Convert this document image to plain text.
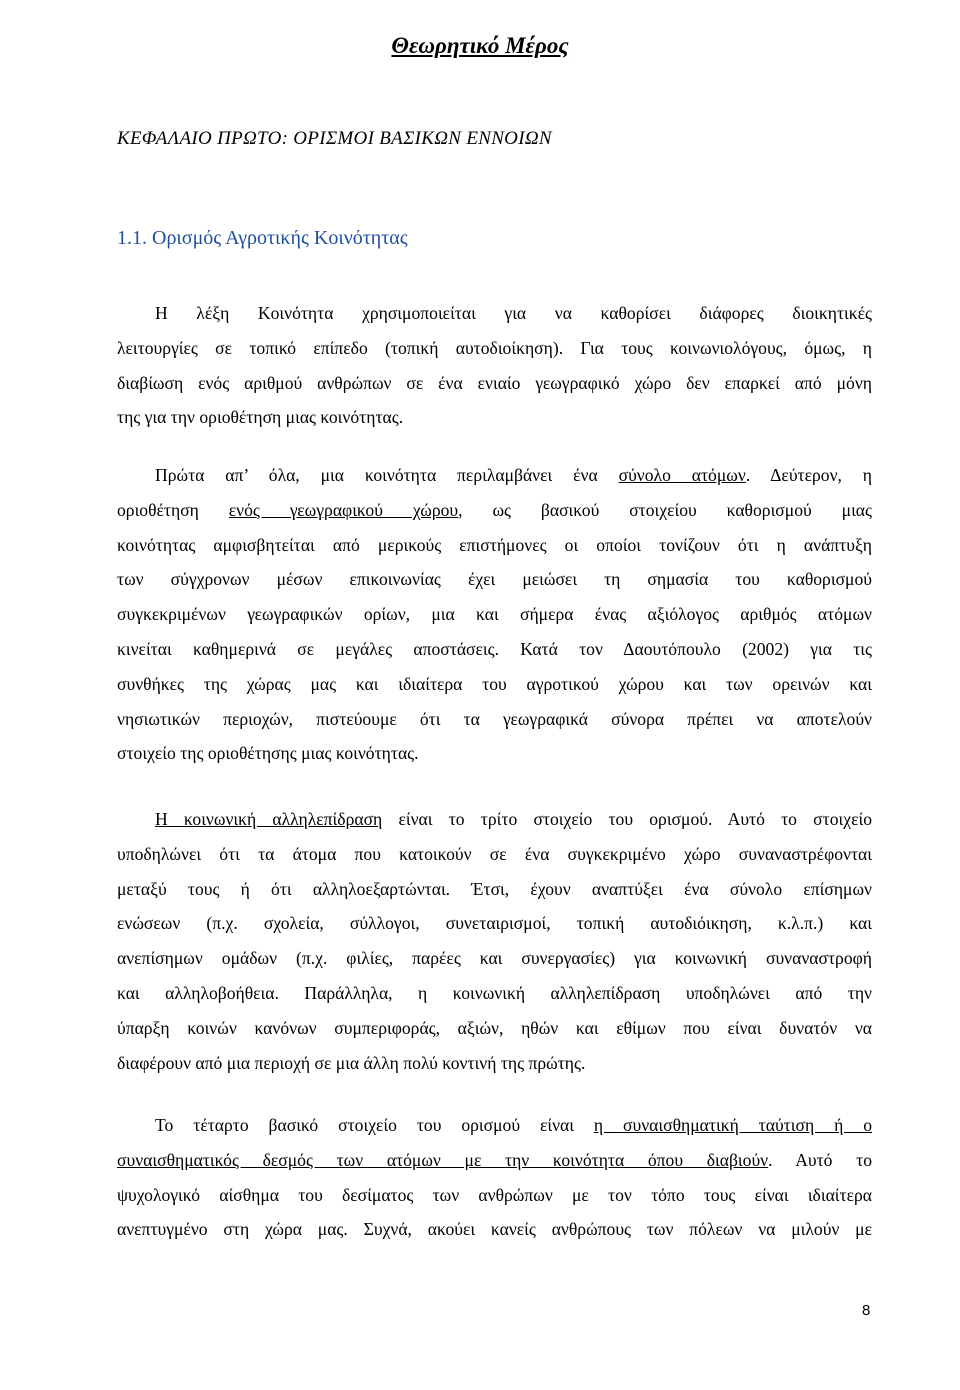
Θεωρητικό Μέρος
ΚΕΦΑΛΑΙΟ ΠΡΩΤΟ: ΟΡΙΣΜΟΙ ΒΑΣΙΚΩΝ ΕΝΝΟΙΩΝ
1.1. Ορισμός Αγροτικής Κοινότητας
Η λέξη Κοινότητα χρησιμοποιείται για να καθορίσει διάφορες διοικητικές
λειτουργίες σε τοπικό επίπεδο (τοπική αυτοδιοίκηση). Για τους κοινωνιολόγους, όμως, η
διαβίωση ενός αριθμού ανθρώπων σε ένα ενιαίο γεωγραφικό χώρο δεν επαρκεί από μόνη
της για την οριοθέτηση μιας κοινότητας.
Πρώτα απ’ όλα, μια κοινότητα περιλαμβάνει ένα σύνολο ατόμων. Δεύτερον, η
οριοθέτηση ενός γεωγραφικού χώρου, ως βασικού στοιχείου καθορισμού μιας
κοινότητας αμφισβητείται από μερικούς επιστήμονες οι οποίοι τονίζουν ότι η ανάπτυξη
των σύγχρονων μέσων επικοινωνίας έχει μειώσει τη σημασία του καθορισμού
συγκεκριμένων γεωγραφικών ορίων, μια και σήμερα ένας αξιόλογος αριθμός ατόμων
κινείται καθημερινά σε μεγάλες αποστάσεις. Κατά τον Δαουτόπουλο (2002) για τις
συνθήκες της χώρας μας και ιδιαίτερα του αγροτικού χώρου και των ορεινών και
νησιωτικών περιοχών, πιστεύουμε ότι τα γεωγραφικά σύνορα πρέπει να αποτελούν
στοιχείο της οριοθέτησης μιας κοινότητας.
Η κοινωνική αλληλεπίδραση είναι το τρίτο στοιχείο του ορισμού. Αυτό το στοιχείο
υποδηλώνει ότι τα άτομα που κατοικούν σε ένα συγκεκριμένο χώρο συναναστρέφονται
μεταξύ τους ή ότι αλληλοεξαρτώνται. Έτσι, έχουν αναπτύξει ένα σύνολο επίσημων
ενώσεων (π.χ. σχολεία, σύλλογοι, συνεταιρισμοί, τοπική αυτοδιόικηση, κ.λ.π.) και
ανεπίσημων ομάδων (π.χ. φιλίες, παρέες και συνεργασίες) για κοινωνική συναναστροφή
και αλληλοβοήθεια. Παράλληλα, η κοινωνική αλληλεπίδραση υποδηλώνει από την
ύπαρξη κοινών κανόνων συμπεριφοράς, αξιών, ηθών και εθίμων που είναι δυνατόν να
διαφέρουν από μια περιοχή σε μια άλλη πολύ κοντινή της πρώτης.
Το τέταρτο βασικό στοιχείο του ορισμού είναι η συναισθηματική ταύτιση ή ο
συναισθηματικός δεσμός των ατόμων με την κοινότητα όπου διαβιούν. Αυτό το
ψυχολογικό αίσθημα του δεσίματος των ανθρώπων με τον τόπο τους είναι ιδιαίτερα
ανεπτυγμένο στη χώρα μας. Συχνά, ακούει κανείς ανθρώπους των πόλεων να μιλούν με
8
